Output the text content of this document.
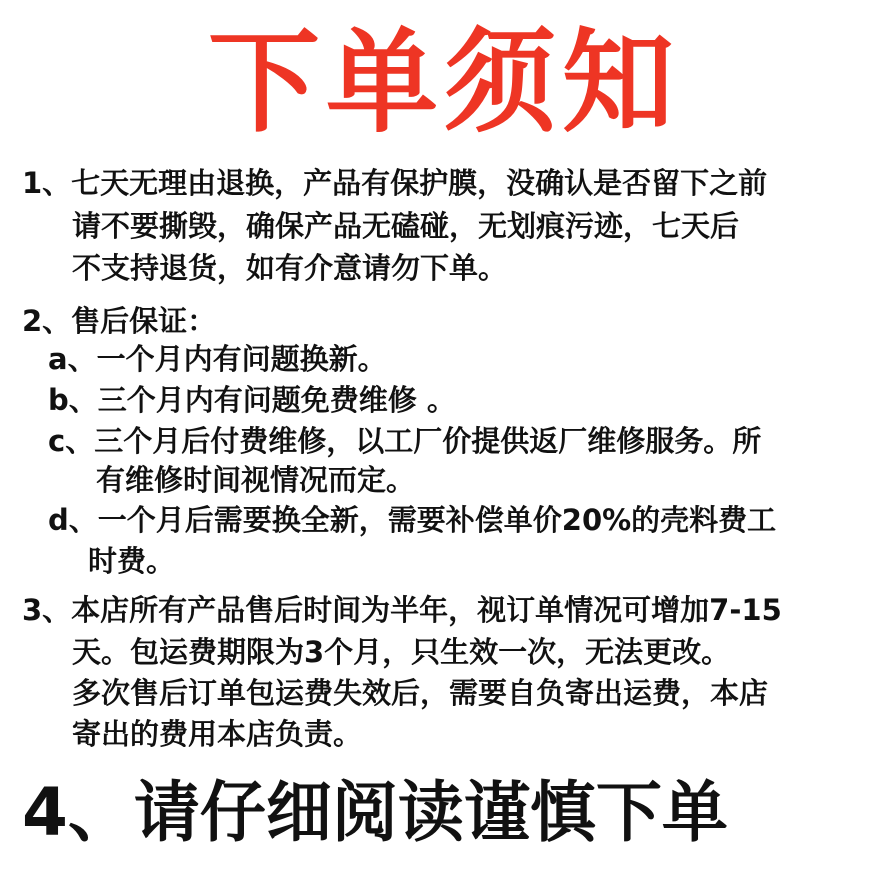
下单须知
1、七天无理由退换，产品有保护膜，没确认是否留下之前
请不要撕毁，确保产品无磕碰，无划痕污迹，七天后
不支持退货，如有介意请勿下单。
2、售后保证：
a、一个月内有问题换新。
b、三个月内有问题免费维修 。
c、三个月后付费维修，以工厂价提供返厂维修服务。所
有维修时间视情况而定。
d、一个月后需要换全新，需要补偿单价20%的壳料费工
时费。
3、本店所有产品售后时间为半年，视订单情况可增加7-15
天。包运费期限为3个月，只生效一次，无法更改。
多次售后订单包运费失效后，需要自负寄出运费，本店
寄出的费用本店负责。
4、请仔细阅读谨慎下单
